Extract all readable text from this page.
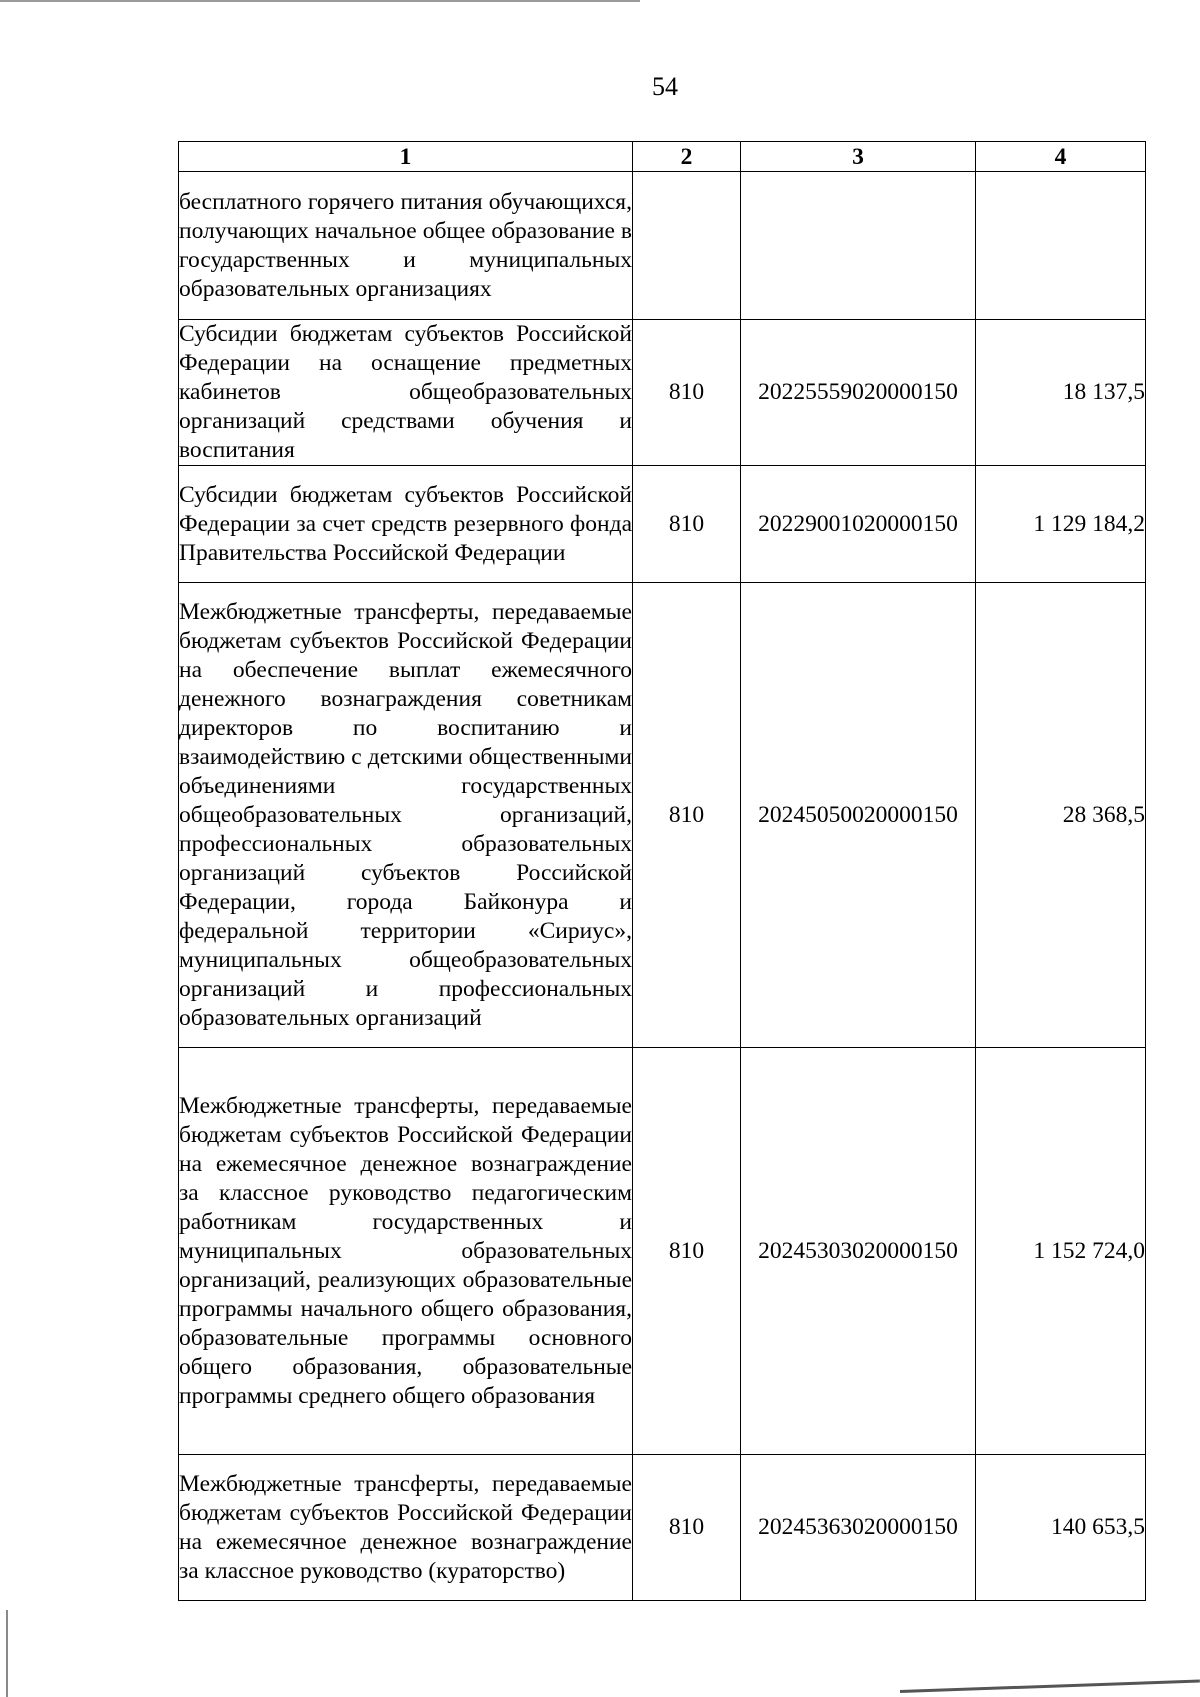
54
1	2	3	4
бесплатного горячего питания обучающихся, получающих начальное общее образование в государственных и муниципальных образовательных организациях			
Субсидии бюджетам субъектов Российской Федерации на оснащение предметных кабинетов общеобразовательных организаций средствами обучения и воспитания	810	20225559020000150	18 137,5
Субсидии бюджетам субъектов Российской Федерации за счет средств резервного фонда Правительства Российской Федерации	810	20229001020000150	1 129 184,2
Межбюджетные трансферты, передаваемые бюджетам субъектов Российской Федерации на обеспечение выплат ежемесячного денежного вознаграждения советникам директоров по воспитанию и взаимодействию с детскими общественными объединениями государственных общеобразовательных организаций, профессиональных образовательных организаций субъектов Российской Федерации, города Байконура и федеральной территории «Сириус», муниципальных общеобразовательных организаций и профессиональных образовательных организаций	810	20245050020000150	28 368,5
Межбюджетные трансферты, передаваемые бюджетам субъектов Российской Федерации на ежемесячное денежное вознаграждение за классное руководство педагогическим работникам государственных и муниципальных образовательных организаций, реализующих образовательные программы начального общего образования, образовательные программы основного общего образования, образовательные программы среднего общего образования	810	20245303020000150	1 152 724,0
Межбюджетные трансферты, передаваемые бюджетам субъектов Российской Федерации на ежемесячное денежное вознаграждение за классное руководство (кураторство)	810	20245363020000150	140 653,5
